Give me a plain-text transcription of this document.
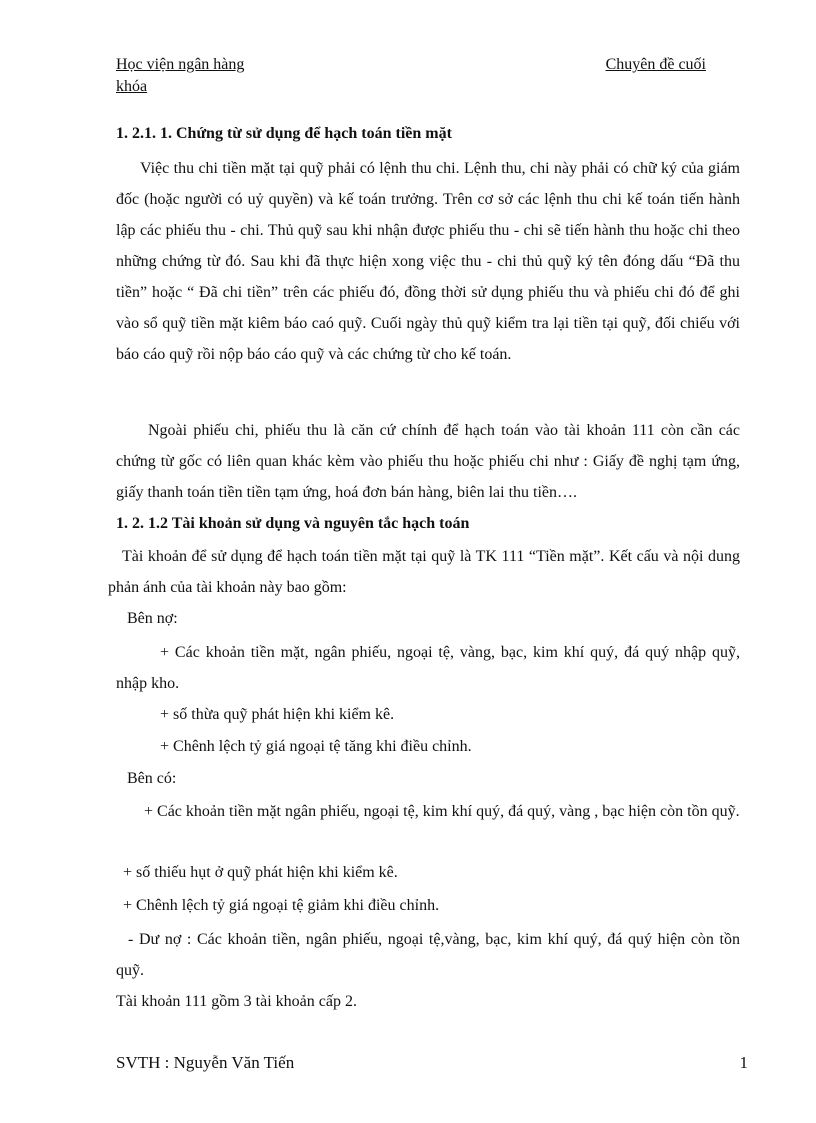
Học viện ngân hàng	Chuyên đề cuối
khóa
1. 2.1. 1. Chứng từ sử dụng để hạch toán tiền mặt
Việc thu chi tiền mặt tại quỹ phải có lệnh thu chi. Lệnh thu, chi này phải có chữ ký của giám đốc (hoặc người có uỷ quyền) và kế toán trưởng. Trên cơ sở các lệnh thu chi kế toán tiến hành lập các phiếu thu - chi. Thủ quỹ sau khi nhận được phiếu thu - chi sẽ tiến hành thu hoặc chi theo những chứng từ đó. Sau khi đã thực hiện xong việc thu - chi thủ quỹ ký tên đóng dấu “Đã thu tiền” hoặc “ Đã chi tiền” trên các phiếu đó, đồng thời sử dụng phiếu thu và phiếu chi đó để ghi vào sổ quỹ tiền mặt kiêm báo caó quỹ. Cuối ngày thủ quỹ kiểm tra lại tiền tại quỹ, đối chiếu với báo cáo quỹ rồi nộp báo cáo quỹ và các chứng từ cho kế toán.
Ngoài phiếu chi, phiếu thu là căn cứ chính để hạch toán vào tài khoản 111 còn cần các chứng từ gốc có liên quan khác kèm vào phiếu thu hoặc phiếu chi như : Giấy đề nghị tạm ứng, giấy thanh toán tiền tiền tạm ứng, hoá đơn bán hàng, biên lai thu tiền….
1. 2. 1.2 Tài khoản sử dụng và nguyên tắc hạch toán
Tài khoản để sử dụng để hạch toán tiền mặt tại quỹ là TK 111 “Tiền mặt”. Kết cấu và nội dung phản ánh của tài khoản này bao gồm:
Bên nợ:
+ Các khoản tiền mặt, ngân phiếu, ngoại tệ, vàng, bạc, kim khí quý, đá quý nhập quỹ, nhập kho.
+ số thừa quỹ phát hiện khi kiểm kê.
+ Chênh lệch tỷ giá ngoại tệ tăng khi điều chỉnh.
Bên có:
+ Các khoản tiền mặt ngân phiếu, ngoại tệ, kim khí quý, đá quý, vàng , bạc hiện còn tồn quỹ.
+ số thiếu hụt ở quỹ phát hiện khi kiểm kê.
+ Chênh lệch tỷ giá ngoại tệ giảm khi điều chỉnh.
- Dư nợ : Các khoản tiền, ngân phiếu, ngoại tệ,vàng, bạc, kim khí quý, đá quý hiện còn tồn quỹ.
Tài khoản 111 gồm 3 tài khoản cấp 2.
SVTH : Nguyễn Văn Tiến	1
